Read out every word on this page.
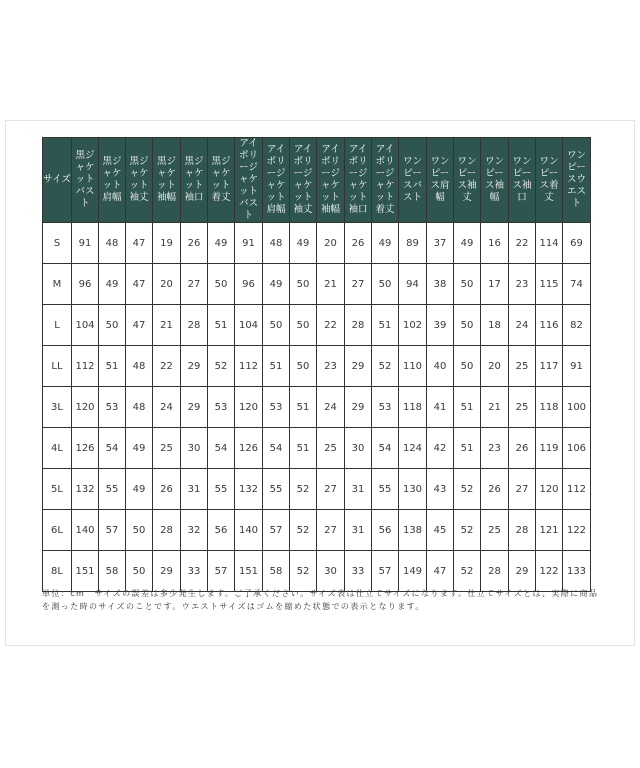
サイズ	黒ジャケットバスト	黒ジャケット肩幅	黒ジャケット袖丈	黒ジャケット袖幅	黒ジャケット袖口	黒ジャケット着丈	アイボリージャケットバスト	アイボリージャケット肩幅	アイボリージャケット袖丈	アイボリージャケット袖幅	アイボリージャケット袖口	アイボリージャケット着丈	ワンピースバスト	ワンピース肩幅	ワンピース袖丈	ワンピース袖幅	ワンピース袖口	ワンピース着丈	ワンピースウエスト
S	91	48	47	19	26	49	91	48	49	20	26	49	89	37	49	16	22	114	69
M	96	49	47	20	27	50	96	49	50	21	27	50	94	38	50	17	23	115	74
L	104	50	47	21	28	51	104	50	50	22	28	51	102	39	50	18	24	116	82
LL	112	51	48	22	29	52	112	51	50	23	29	52	110	40	50	20	25	117	91
3L	120	53	48	24	29	53	120	53	51	24	29	53	118	41	51	21	25	118	100
4L	126	54	49	25	30	54	126	54	51	25	30	54	124	42	51	23	26	119	106
5L	132	55	49	26	31	55	132	55	52	27	31	55	130	43	52	26	27	120	112
6L	140	57	50	28	32	56	140	57	52	27	31	56	138	45	52	25	28	121	122
8L	151	58	50	29	33	57	151	58	52	30	33	57	149	47	52	28	29	122	133
単位：cm　サイズの誤差は多少発生します。ご了承ください。サイズ表は仕立てサイズになります。仕立てサイズとは、実際に商品を測った時のサイズのことです。ウエストサイズはゴムを縮めた状態での表示となります。
